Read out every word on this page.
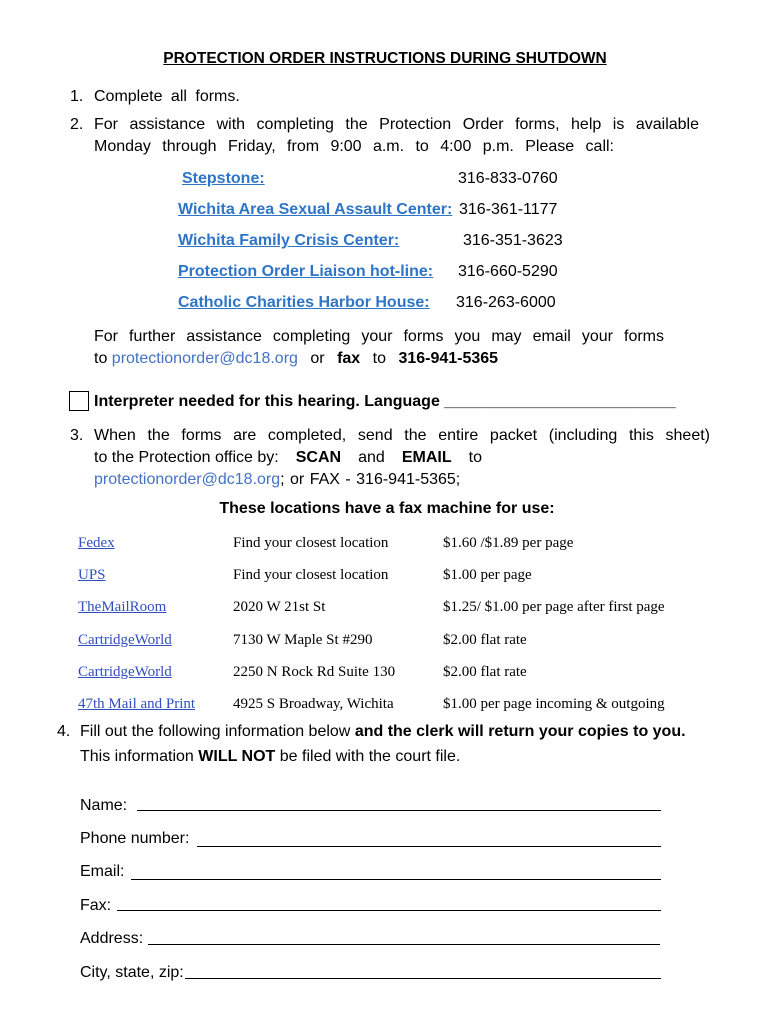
PROTECTION ORDER INSTRUCTIONS DURING SHUTDOWN
1. Complete all forms.
2. For assistance with completing the Protection Order forms, help is available
Monday through Friday, from 9:00 a.m. to 4:00 p.m. Please call:
Stepstone:	316-833-0760
Wichita Area Sexual Assault Center: 316-361-1177
Wichita Family Crisis Center:	316-351-3623
Protection Order Liaison hot-line: 316-660-5290
Catholic Charities Harbor House: 316-263-6000
For further assistance completing your forms you may email your forms
to protectionorder@dc18.org or fax to 316-941-5365
Interpreter needed for this hearing. Language __________________________
3. When the forms are completed, send the entire packet (including this sheet)
to the Protection office by: SCAN and EMAIL to
protectionorder@dc18.org; or FAX - 316-941-5365;
These locations have a fax machine for use:
Fedex	Find your closest location	$1.60 /$1.89 per page
UPS	Find your closest location	$1.00 per page
TheMailRoom	2020 W 21st St	$1.25/ $1.00 per page after first page
CartridgeWorld	7130 W Maple St #290	$2.00 flat rate
CartridgeWorld	2250 N Rock Rd Suite 130	$2.00 flat rate
47th Mail and Print	4925 S Broadway, Wichita	$1.00 per page incoming & outgoing
4. Fill out the following information below and the clerk will return your copies to you.
This information WILL NOT be filed with the court file.
Name:
Phone number:
Email:
Fax:
Address:
City, state, zip:
